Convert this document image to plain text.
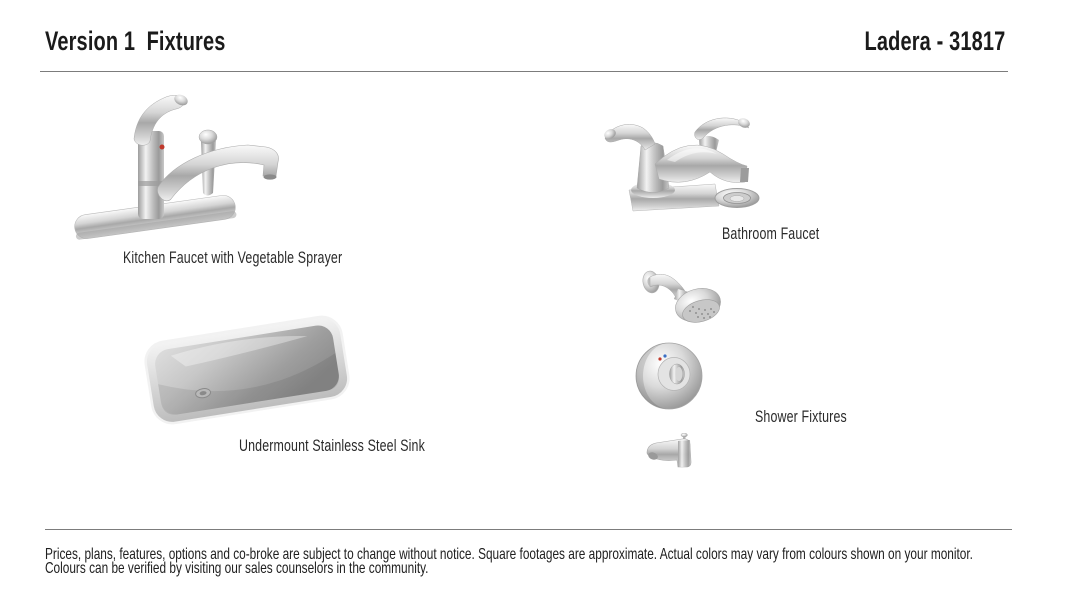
Version 1  Fixtures	Ladera - 31817
Kitchen Faucet with Vegetable Sprayer
Undermount Stainless Steel Sink
Bathroom Faucet
Shower Fixtures
Prices, plans, features, options and co-broke are subject to change without notice. Square footages are approximate. Actual colors may vary from colours shown on your monitor.
Colours can be verified by visiting our sales counselors in the community.
